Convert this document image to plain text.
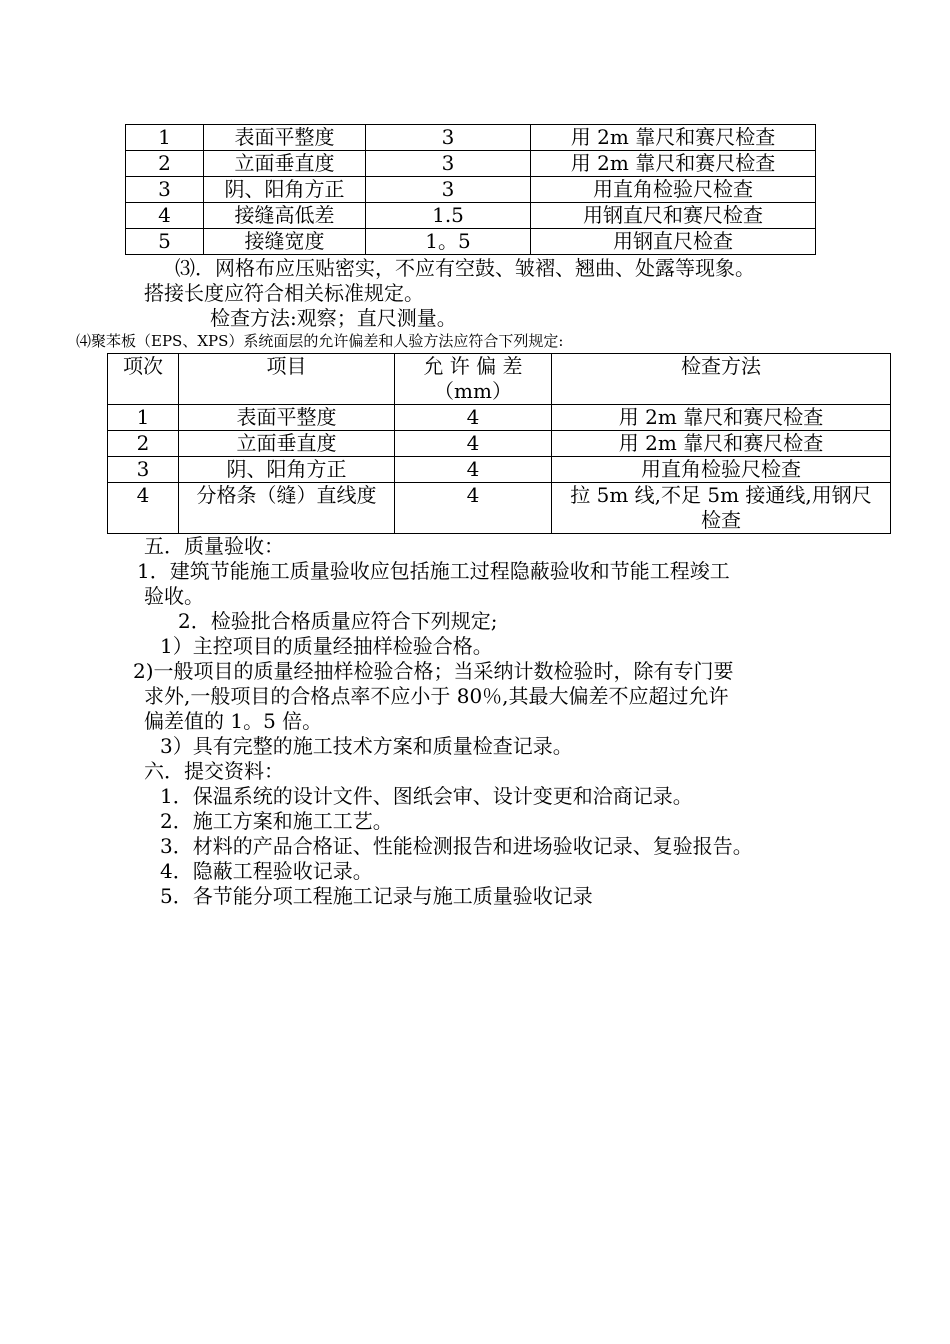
1	表面平整度	3	用 2m 靠尺和赛尺检查
2	立面垂直度	3	用 2m 靠尺和赛尺检查
3	阴、阳角方正	3	用直角检验尺检查
4	接缝高低差	1.5	用钢直尺和赛尺检查
5	接缝宽度	1。5	用钢直尺检查
⑶．网格布应压贴密实，不应有空鼓、皱褶、翘曲、处露等现象。
搭接长度应符合相关标准规定。
检查方法:观察；直尺测量。
⑷聚苯板（EPS、XPS）系统面层的允许偏差和人验方法应符合下列规定:
项次	项目	允 许 偏 差（mm）	检查方法
1	表面平整度	4	用 2m 靠尺和赛尺检查
2	立面垂直度	4	用 2m 靠尺和赛尺检查
3	阴、阳角方正	4	用直角检验尺检查
4	分格条（缝）直线度	4	拉 5m 线,不足 5m 接通线,用钢尺检查
五．质量验收：
1．建筑节能施工质量验收应包括施工过程隐蔽验收和节能工程竣工
验收。
2．检验批合格质量应符合下列规定;
1）主控项目的质量经抽样检验合格。
2)一般项目的质量经抽样检验合格；当采纳计数检验时，除有专门要
求外,一般项目的合格点率不应小于 80％,其最大偏差不应超过允许
偏差值的 1。5 倍。
3）具有完整的施工技术方案和质量检查记录。
六．提交资料：
1．保温系统的设计文件、图纸会审、设计变更和洽商记录。
2．施工方案和施工工艺。
3．材料的产品合格证、性能检测报告和进场验收记录、复验报告。
4．隐蔽工程验收记录。
5．各节能分项工程施工记录与施工质量验收记录
